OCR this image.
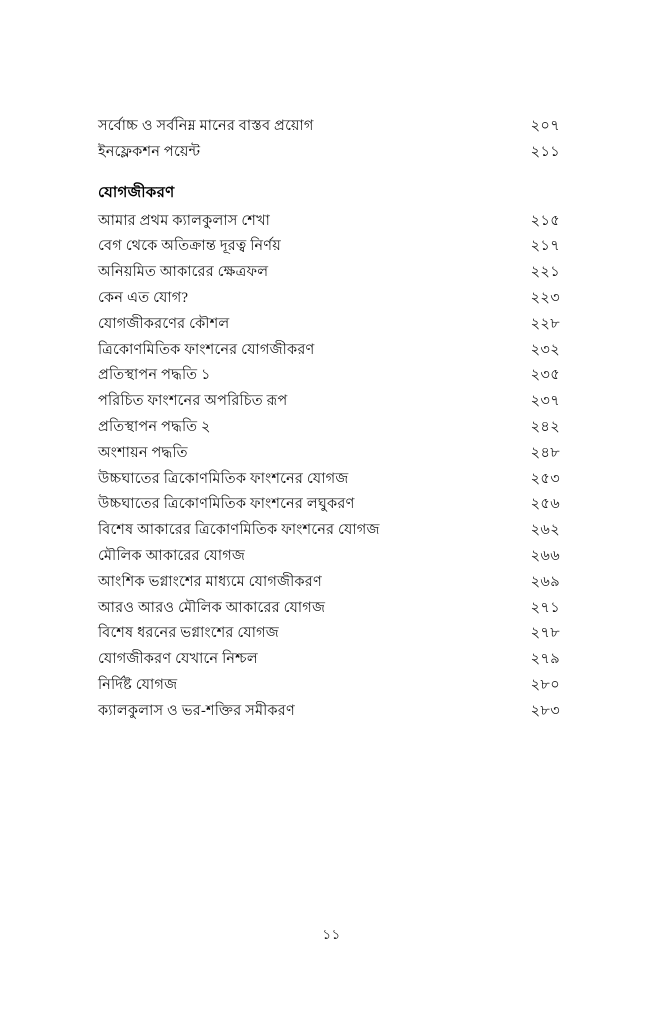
সর্বোচ্চ ও সর্বনিম্ন মানের বাস্তব প্রয়োগ	২০৭
ইনফ্লেকশন পয়েন্ট	২১১
যোগজীকরণ
আমার প্রথম ক্যালকুলাস শেখা	২১৫
বেগ থেকে অতিক্রান্ত দূরত্ব নির্ণয়	২১৭
অনিয়মিত আকারের ক্ষেত্রফল	২২১
কেন এত যোগ?	২২৩
যোগজীকরণের কৌশল	২২৮
ত্রিকোণমিতিক ফাংশনের যোগজীকরণ	২৩২
প্রতিস্থাপন পদ্ধতি ১	২৩৫
পরিচিত ফাংশনের অপরিচিত রূপ	২৩৭
প্রতিস্থাপন পদ্ধতি ২	২৪২
অংশায়ন পদ্ধতি	২৪৮
উচ্চঘাতের ত্রিকোণমিতিক ফাংশনের যোগজ	২৫৩
উচ্চঘাতের ত্রিকোণমিতিক ফাংশনের লঘুকরণ	২৫৬
বিশেষ আকারের ত্রিকোণমিতিক ফাংশনের যোগজ	২৬২
মৌলিক আকারের যোগজ	২৬৬
আংশিক ভগ্নাংশের মাধ্যমে যোগজীকরণ	২৬৯
আরও আরও মৌলিক আকারের যোগজ	২৭১
বিশেষ ধরনের ভগ্নাংশের যোগজ	২৭৮
যোগজীকরণ যেখানে নিশ্চল	২৭৯
নির্দিষ্ট যোগজ	২৮০
ক্যালকুলাস ও ভর-শক্তির সমীকরণ	২৮৩
১১
